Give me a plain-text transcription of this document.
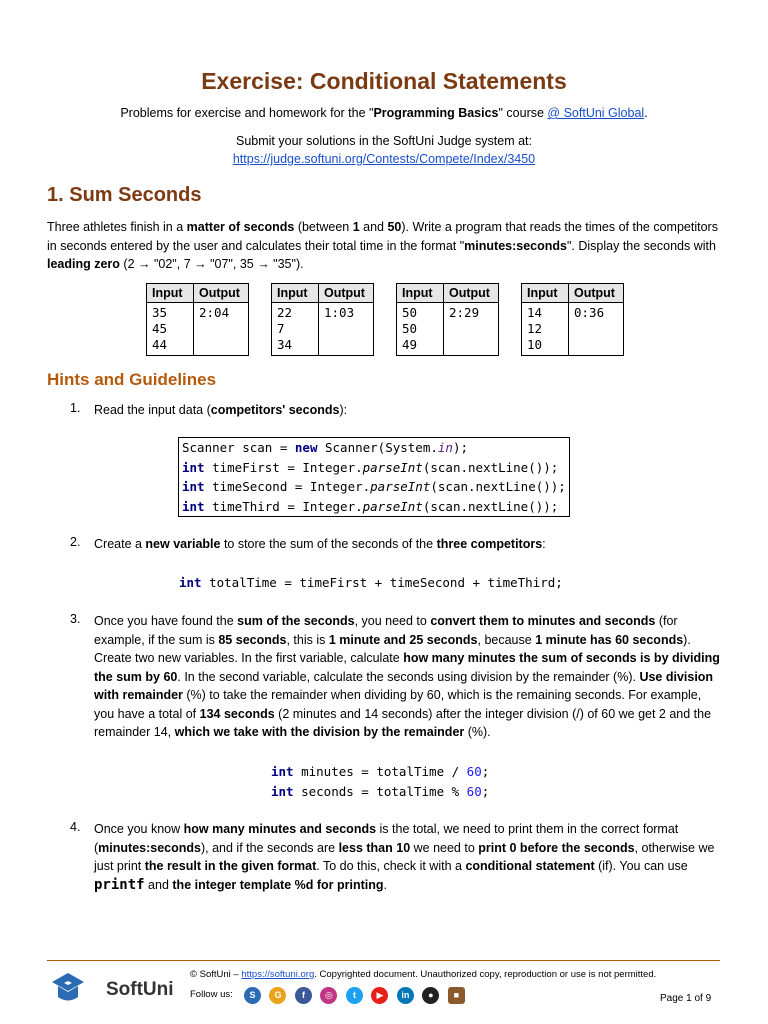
Exercise: Conditional Statements
Problems for exercise and homework for the "Programming Basics" course @ SoftUni Global.
Submit your solutions in the SoftUni Judge system at:
https://judge.softuni.org/Contests/Compete/Index/3450
1. Sum Seconds
Three athletes finish in a matter of seconds (between 1 and 50). Write a program that reads the times of the competitors in seconds entered by the user and calculates their total time in the format "minutes:seconds". Display the seconds with leading zero (2 → "02", 7 → "07", 35 → "35").
Input	Output
35
45
44	2:04
Input	Output
22
7
34	1:03
Input	Output
50
50
49	2:29
Input	Output
14
12
10	0:36
Hints and Guidelines
1. Read the input data (competitors' seconds):
Scanner scan = new Scanner(System.in);
int timeFirst = Integer.parseInt(scan.nextLine());
int timeSecond = Integer.parseInt(scan.nextLine());
int timeThird = Integer.parseInt(scan.nextLine());
2. Create a new variable to store the sum of the seconds of the three competitors:
int totalTime = timeFirst + timeSecond + timeThird;
3. Once you have found the sum of the seconds, you need to convert them to minutes and seconds (for example, if the sum is 85 seconds, this is 1 minute and 25 seconds, because 1 minute has 60 seconds). Create two new variables. In the first variable, calculate how many minutes the sum of seconds is by dividing the sum by 60. In the second variable, calculate the seconds using division by the remainder (%). Use division with remainder (%) to take the remainder when dividing by 60, which is the remaining seconds. For example, you have a total of 134 seconds (2 minutes and 14 seconds) after the integer division (/) of 60 we get 2 and the remainder 14, which we take with the division by the remainder (%).
int minutes = totalTime / 60;
int seconds = totalTime % 60;
4. Once you know how many minutes and seconds is the total, we need to print them in the correct format (minutes:seconds), and if the seconds are less than 10 we need to print 0 before the seconds, otherwise we just print the result in the given format. To do this, check it with a conditional statement (if). You can use printf and the integer template %d for printing.
SoftUni
© SoftUni – https://softuni.org. Copyrighted document. Unauthorized copy, reproduction or use is not permitted.
Follow us:	S G f ◎ t ▶ in ● ■	Page 1 of 9
